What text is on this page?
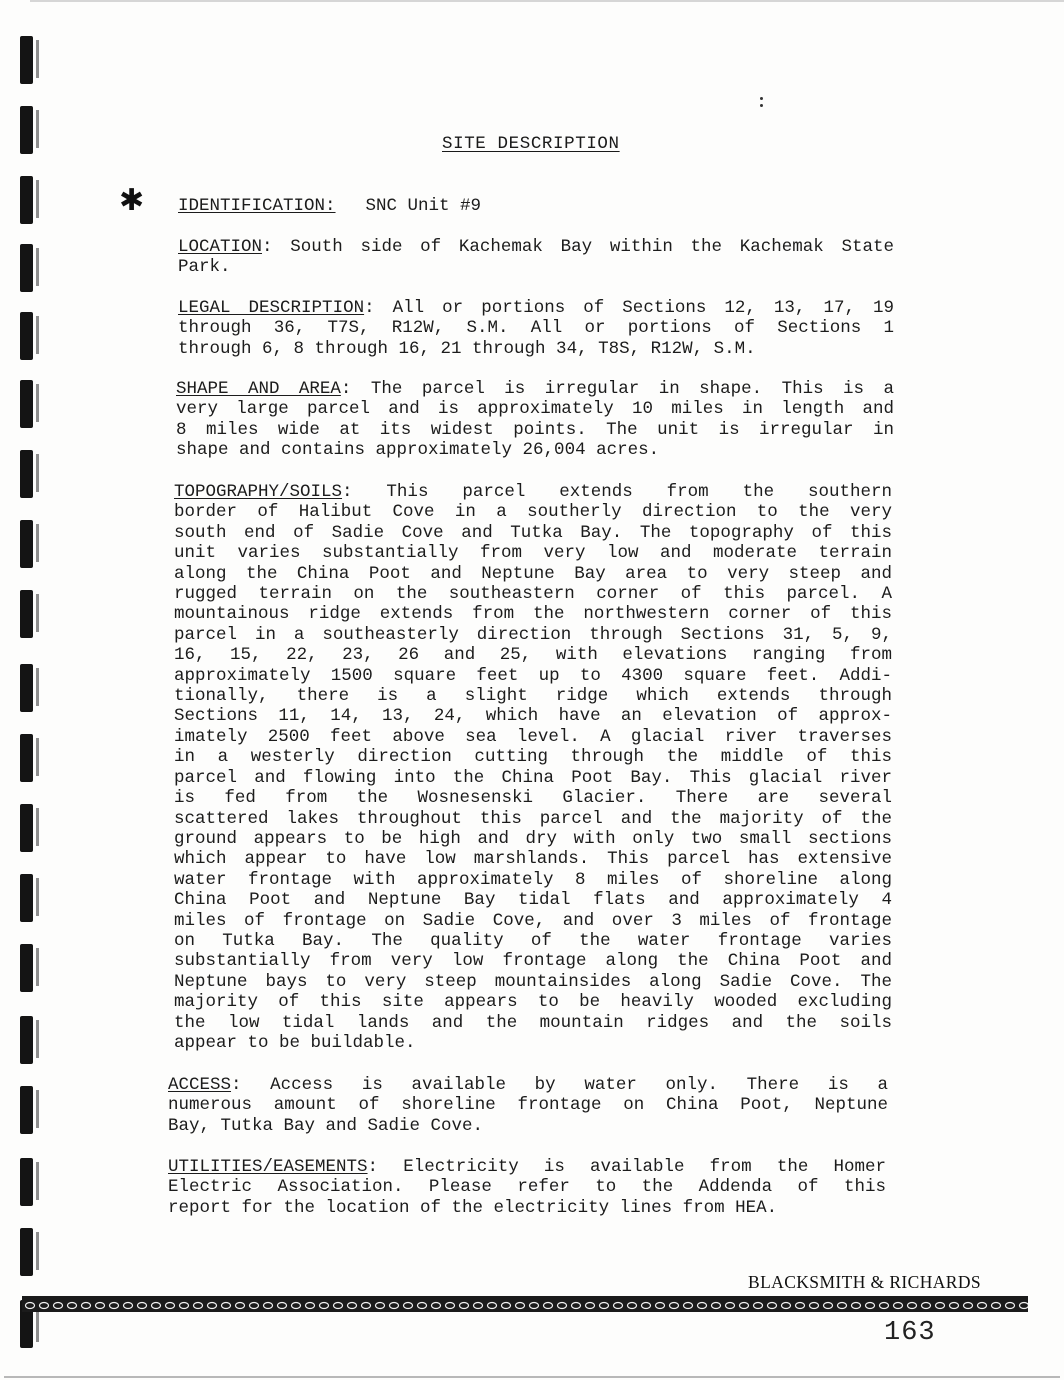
SITE DESCRIPTION
✱ IDENTIFICATION: SNC Unit #9
LOCATION: South side of Kachemak Bay within the Kachemak State
Park.
LEGAL DESCRIPTION: All or portions of Sections 12, 13, 17, 19
through 36, T7S, R12W, S.M. All or portions of Sections 1
through 6, 8 through 16, 21 through 34, T8S, R12W, S.M.
SHAPE AND AREA: The parcel is irregular in shape. This is a
very large parcel and is approximately 10 miles in length and
8 miles wide at its widest points. The unit is irregular in
shape and contains approximately 26,004 acres.
TOPOGRAPHY/SOILS: This parcel extends from the southern
border of Halibut Cove in a southerly direction to the very
south end of Sadie Cove and Tutka Bay. The topography of this
unit varies substantially from very low and moderate terrain
along the China Poot and Neptune Bay area to very steep and
rugged terrain on the southeastern corner of this parcel. A
mountainous ridge extends from the northwestern corner of this
parcel in a southeasterly direction through Sections 31, 5, 9,
16, 15, 22, 23, 26 and 25, with elevations ranging from
approximately 1500 square feet up to 4300 square feet. Addi-
tionally, there is a slight ridge which extends through
Sections 11, 14, 13, 24, which have an elevation of approx-
imately 2500 feet above sea level. A glacial river traverses
in a westerly direction cutting through the middle of this
parcel and flowing into the China Poot Bay. This glacial river
is fed from the Wosnesenski Glacier. There are several
scattered lakes throughout this parcel and the majority of the
ground appears to be high and dry with only two small sections
which appear to have low marshlands. This parcel has extensive
water frontage with approximately 8 miles of shoreline along
China Poot and Neptune Bay tidal flats and approximately 4
miles of frontage on Sadie Cove, and over 3 miles of frontage
on Tutka Bay. The quality of the water frontage varies
substantially from very low frontage along the China Poot and
Neptune bays to very steep mountainsides along Sadie Cove. The
majority of this site appears to be heavily wooded excluding
the low tidal lands and the mountain ridges and the soils
appear to be buildable.
ACCESS: Access is available by water only. There is a
numerous amount of shoreline frontage on China Poot, Neptune
Bay, Tutka Bay and Sadie Cove.
UTILITIES/EASEMENTS: Electricity is available from the Homer
Electric Association. Please refer to the Addenda of this
report for the location of the electricity lines from HEA.
BLACKSMITH & RICHARDS
163
